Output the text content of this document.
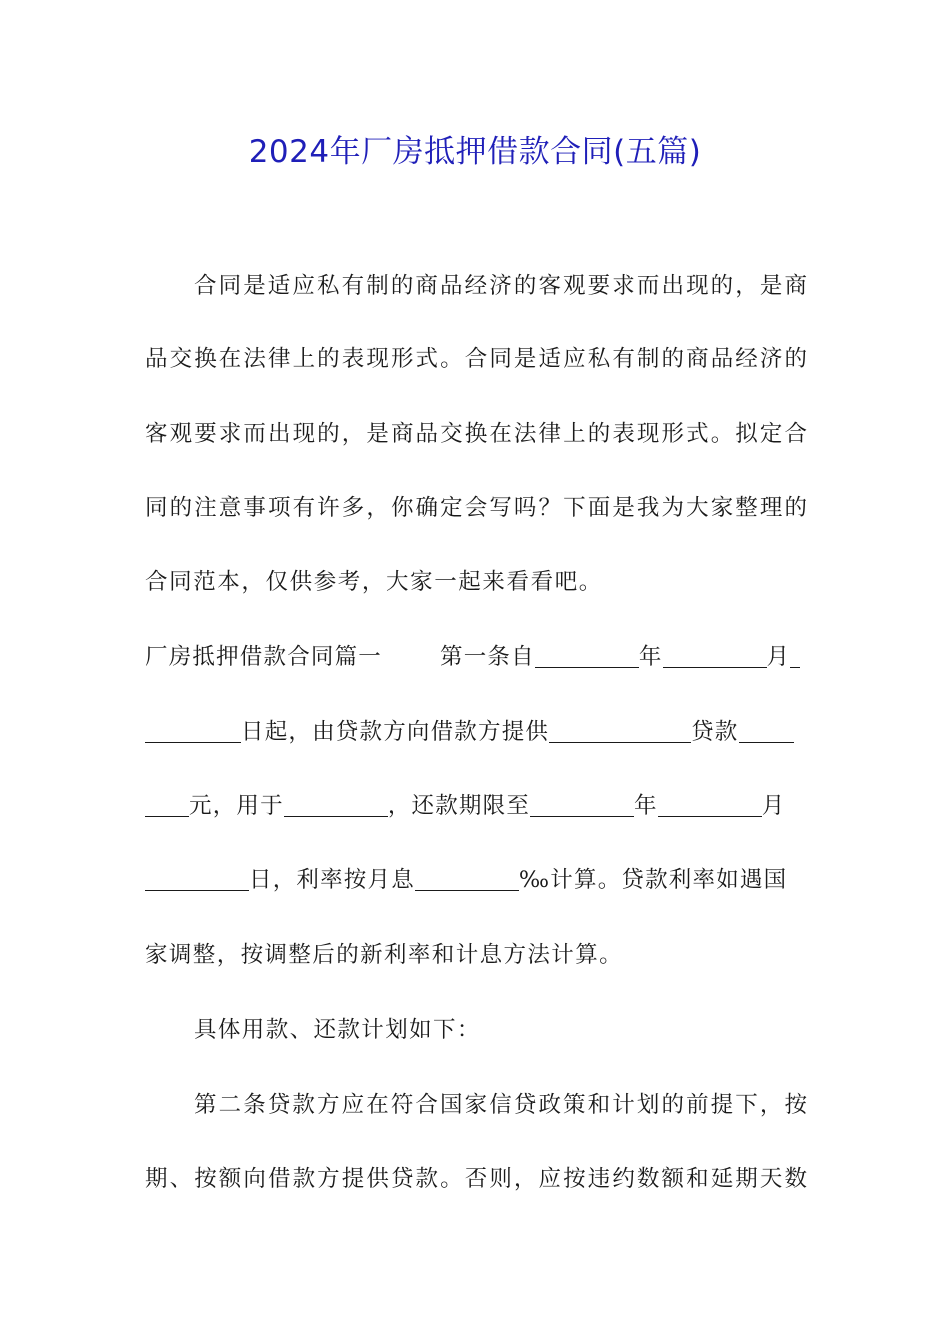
2024年厂房抵押借款合同(五篇)
合同是适应私有制的商品经济的客观要求而出现的，是商
品交换在法律上的表现形式。合同是适应私有制的商品经济的
客观要求而出现的，是商品交换在法律上的表现形式。拟定合
同的注意事项有许多，你确定会写吗？下面是我为大家整理的
合同范本，仅供参考，大家一起来看看吧。
厂房抵押借款合同篇一	第一条自	年	月
日起，由贷款方向借款方提供	贷款
元，用于	，还款期限至	年	月
日，利率按月息	‰计算。贷款利率如遇国
家调整，按调整后的新利率和计息方法计算。
具体用款、还款计划如下：
第二条贷款方应在符合国家信贷政策和计划的前提下，按
期、按额向借款方提供贷款。否则，应按违约数额和延期天数
